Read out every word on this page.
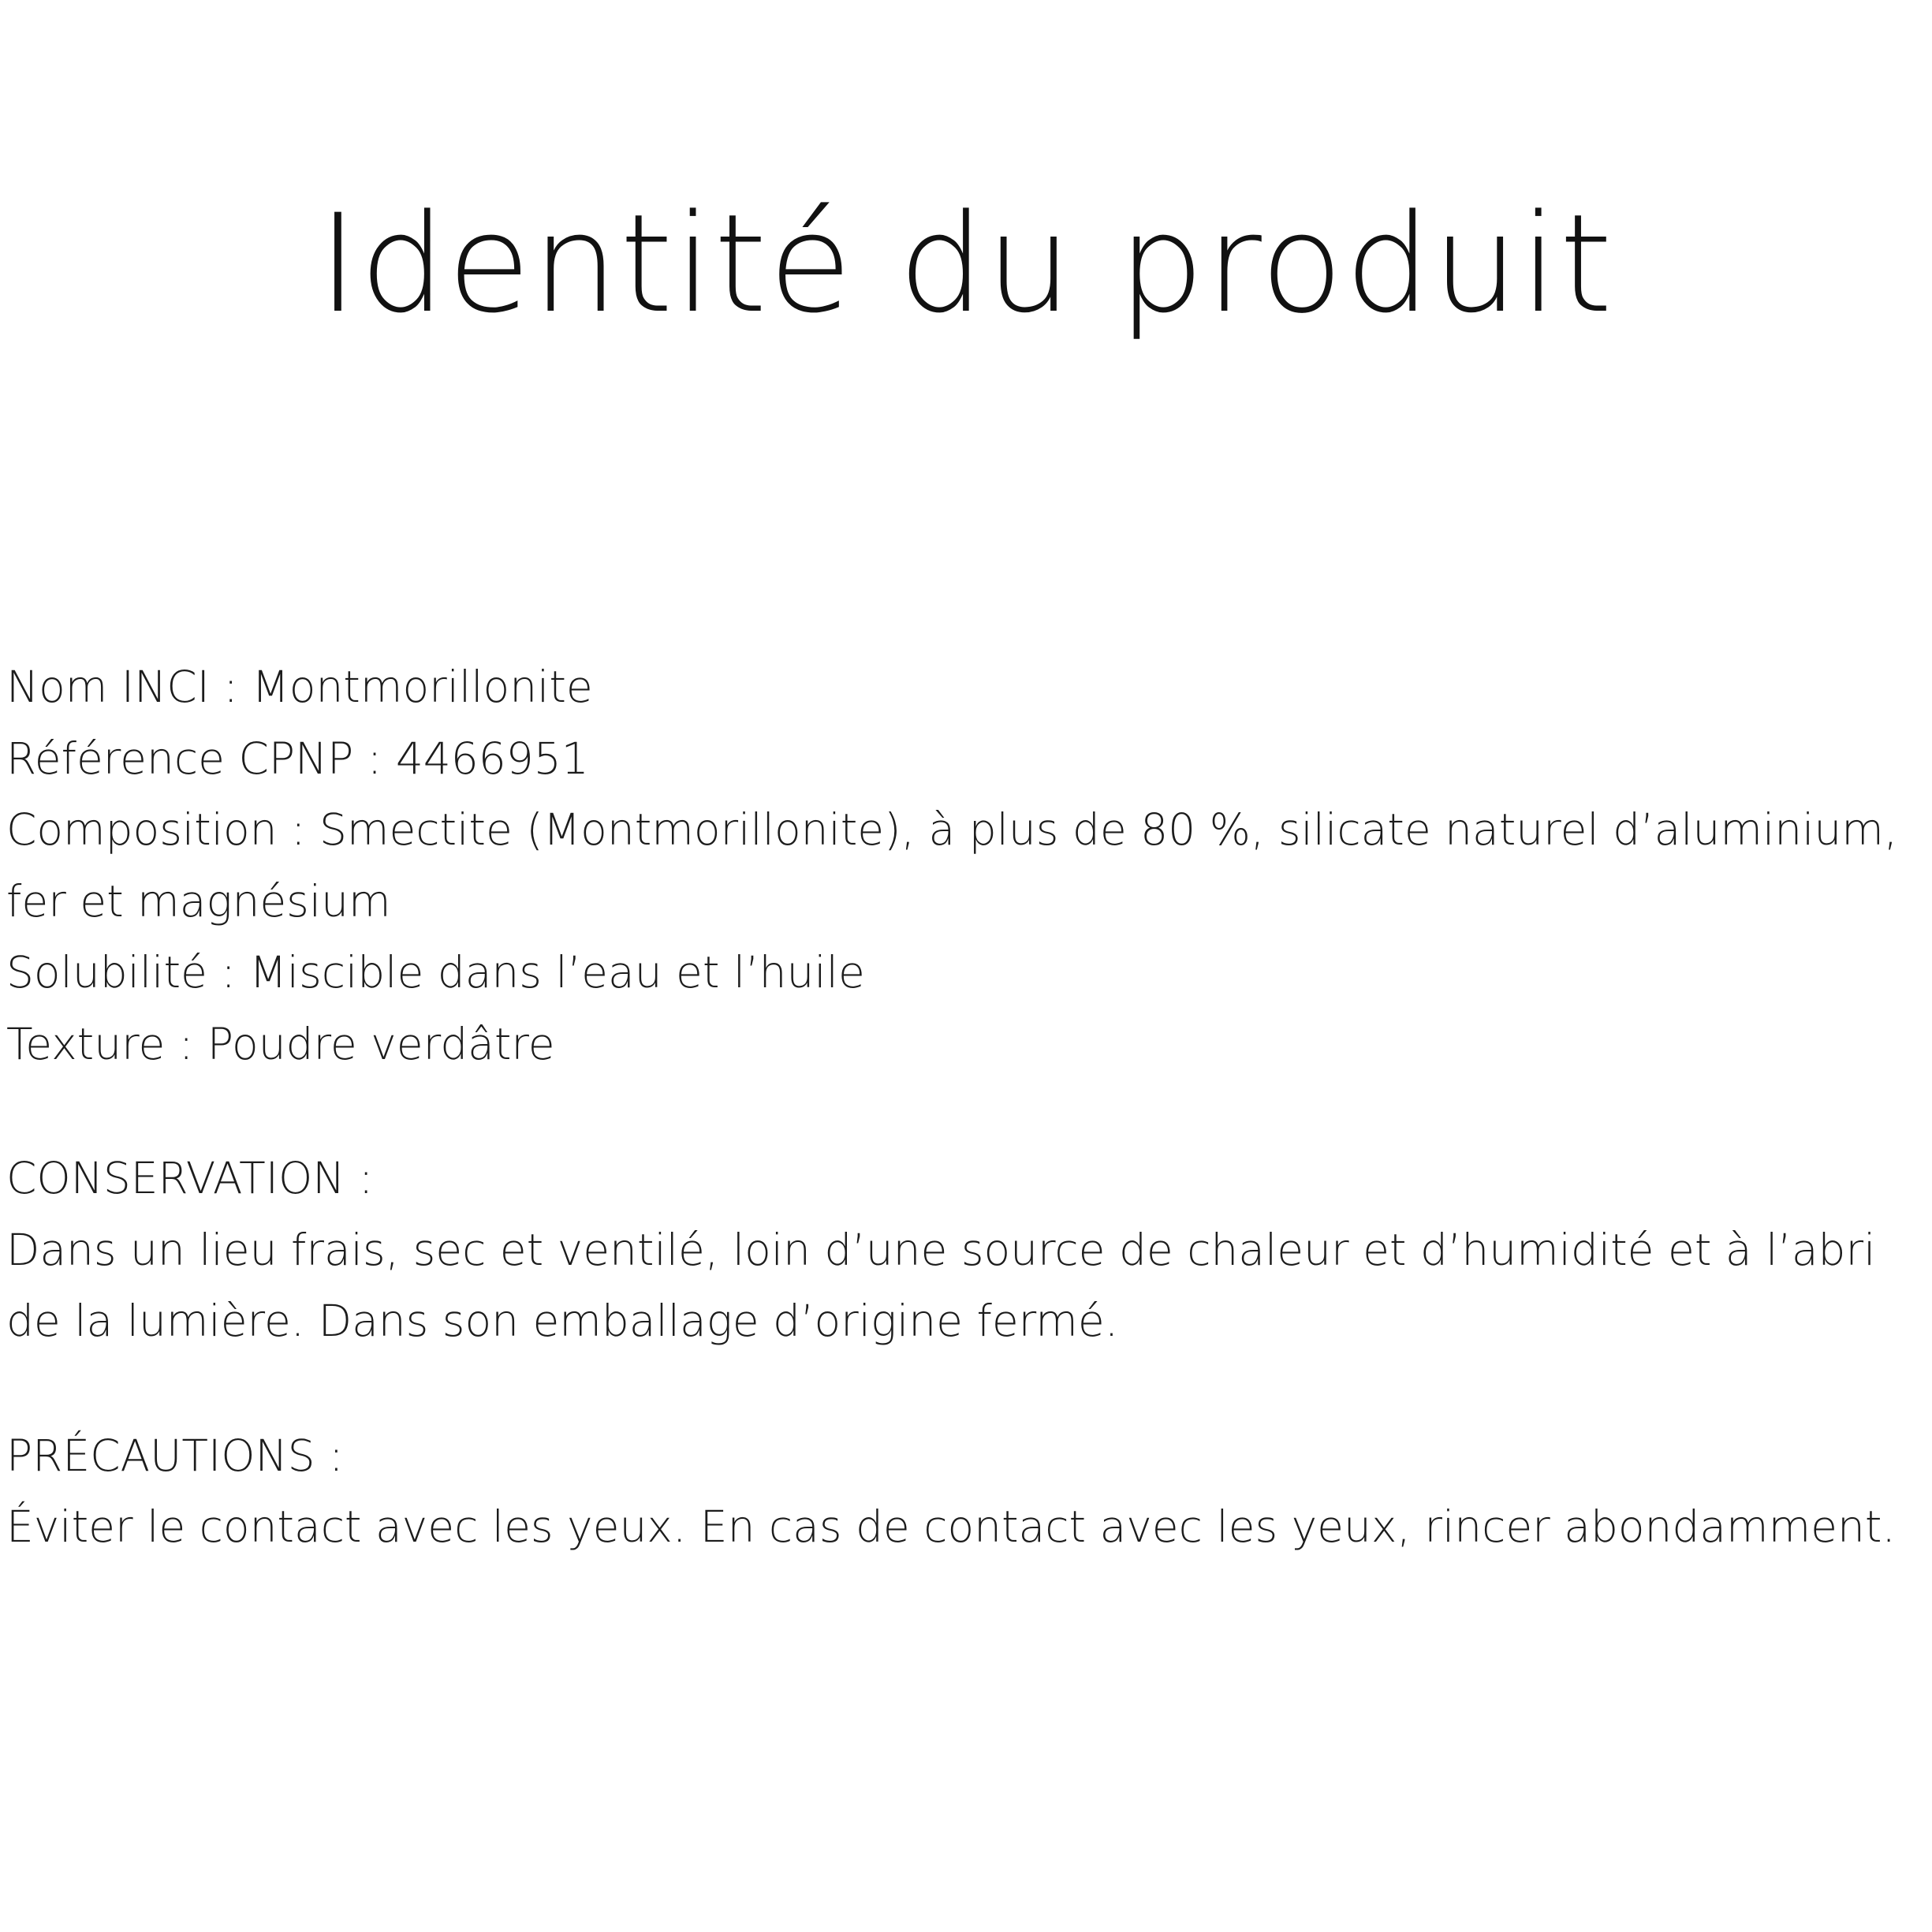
Identité du produit
Nom INCI : Montmorillonite
Référence CPNP : 4466951
Composition : Smectite (Montmorillonite), à plus de 80 %, silicate naturel d’aluminium, fer et magnésium
Solubilité : Miscible dans l’eau et l’huile
Texture : Poudre verdâtre
CONSERVATION :
Dans un lieu frais, sec et ventilé, loin d’une source de chaleur et d’humidité et à l’abri de la lumière. Dans son emballage d’origine fermé.
PRÉCAUTIONS :
Éviter le contact avec les yeux. En cas de contact avec les yeux, rincer abondamment.
